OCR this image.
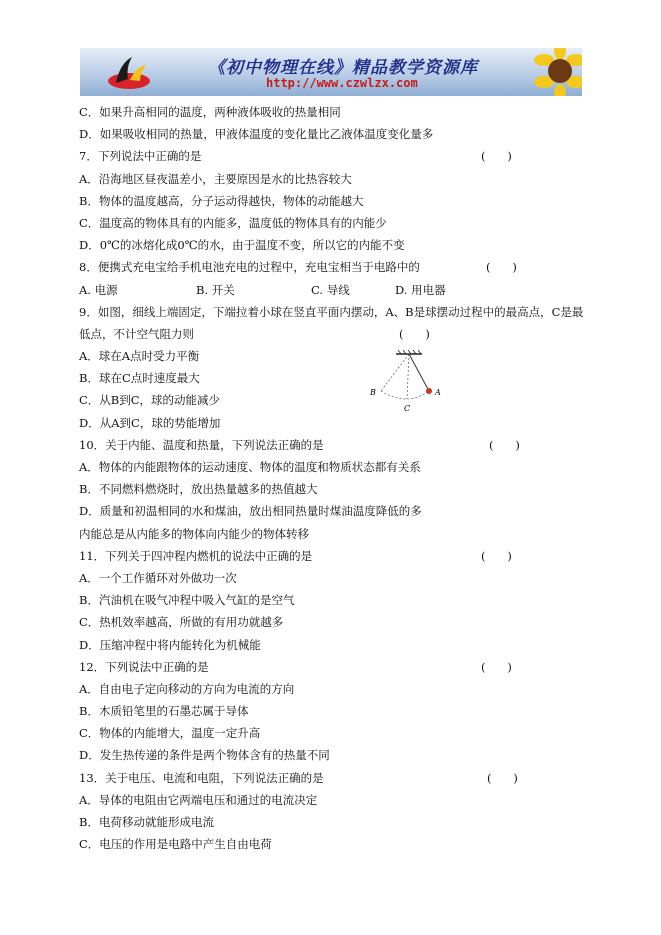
《初中物理在线》精品教学资源库
http://www.czwlzx.com
C．如果升高相同的温度，两种液体吸收的热量相同
D．如果吸收相同的热量，甲液体温度的变化量比乙液体温度变化量多
7．下列说法中正确的是	(      )
A．沿海地区昼夜温差小，主要原因是水的比热容较大
B．物体的温度越高，分子运动得越快，物体的动能越大
C．温度高的物体具有的内能多，温度低的物体具有的内能少
D．0℃的冰熔化成0℃的水，由于温度不变，所以它的内能不变
8．便携式充电宝给手机电池充电的过程中，充电宝相当于电路中的	(      )
A. 电源	B. 开关	C. 导线	D. 用电器
9．如图，细线上端固定，下端拉着小球在竖直平面内摆动，A、B是球摆动过程中的最高点，C是最
低点，不计空气阻力则	(      )
A．球在A点时受力平衡
B．球在C点时速度最大
C．从B到C，球的动能减少
D．从A到C，球的势能增加
10．关于内能、温度和热量，下列说法正确的是	(      )
A．物体的内能跟物体的运动速度、物体的温度和物质状态都有关系
B．不同燃料燃烧时，放出热量越多的热值越大
D．质量和初温相同的水和煤油，放出相同热量时煤油温度降低的多
内能总是从内能多的物体向内能少的物体转移
11．下列关于四冲程内燃机的说法中正确的是	(      )
A．一个工作循环对外做功一次
B．汽油机在吸气冲程中吸入气缸的是空气
C．热机效率越高，所做的有用功就越多
D．压缩冲程中将内能转化为机械能
12．下列说法中正确的是	(      )
A．自由电子定向移动的方向为电流的方向
B．木质铅笔里的石墨芯属于导体
C．物体的内能增大，温度一定升高
D．发生热传递的条件是两个物体含有的热量不同
13．关于电压、电流和电阻，下列说法正确的是	(      )
A．导体的电阻由它两端电压和通过的电流决定
B．电荷移动就能形成电流
C．电压的作用是电路中产生自由电荷
A
B
C
